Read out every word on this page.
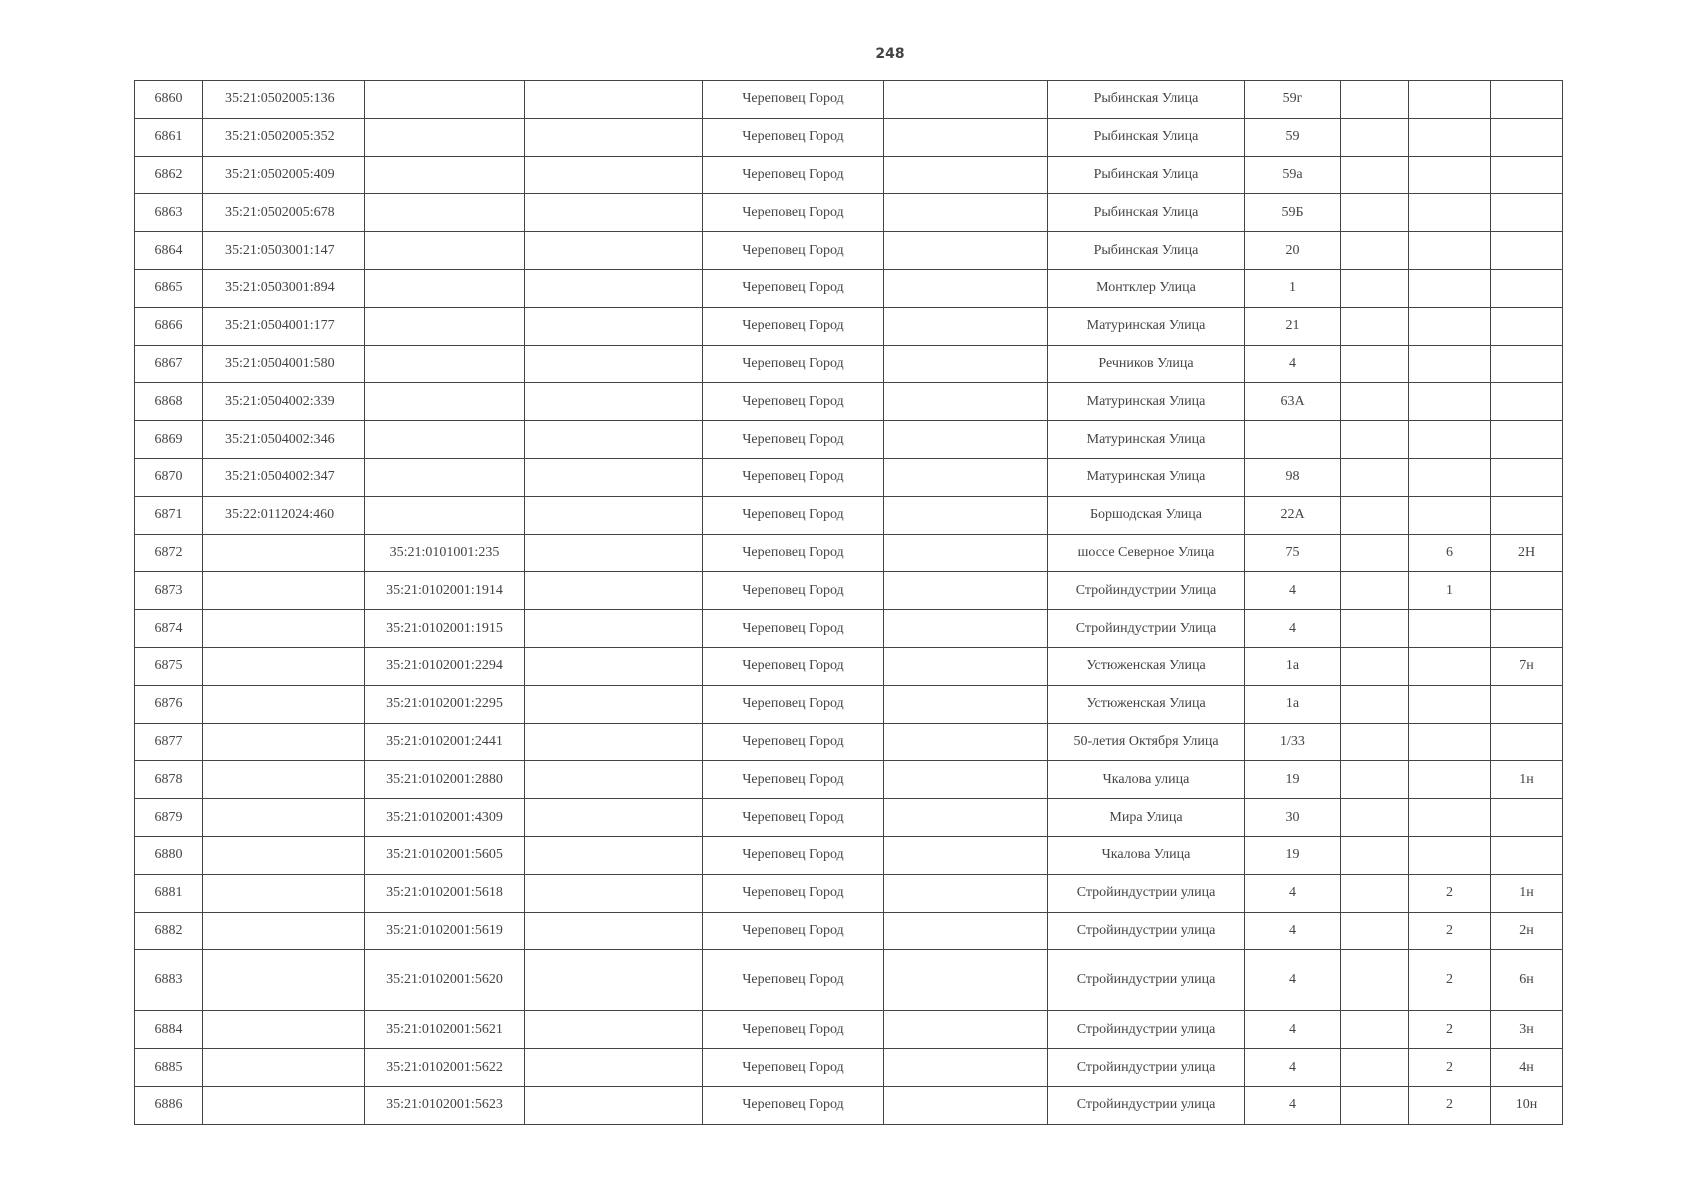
248
6860	35:21:0502005:136			Череповец Город		Рыбинская Улица	59г			
6861	35:21:0502005:352			Череповец Город		Рыбинская Улица	59			
6862	35:21:0502005:409			Череповец Город		Рыбинская Улица	59а			
6863	35:21:0502005:678			Череповец Город		Рыбинская Улица	59Б			
6864	35:21:0503001:147			Череповец Город		Рыбинская Улица	20			
6865	35:21:0503001:894			Череповец Город		Монтклер Улица	1			
6866	35:21:0504001:177			Череповец Город		Матуринская Улица	21			
6867	35:21:0504001:580			Череповец Город		Речников Улица	4			
6868	35:21:0504002:339			Череповец Город		Матуринская Улица	63А			
6869	35:21:0504002:346			Череповец Город		Матуринская Улица				
6870	35:21:0504002:347			Череповец Город		Матуринская Улица	98			
6871	35:22:0112024:460			Череповец Город		Боршодская Улица	22А			
6872		35:21:0101001:235		Череповец Город		шоссе Северное Улица	75		6	2Н
6873		35:21:0102001:1914		Череповец Город		Стройиндустрии Улица	4		1	
6874		35:21:0102001:1915		Череповец Город		Стройиндустрии Улица	4			
6875		35:21:0102001:2294		Череповец Город		Устюженская Улица	1а			7н
6876		35:21:0102001:2295		Череповец Город		Устюженская Улица	1а			
6877		35:21:0102001:2441		Череповец Город		50-летия Октября Улица	1/33			
6878		35:21:0102001:2880		Череповец Город		Чкалова улица	19			1н
6879		35:21:0102001:4309		Череповец Город		Мира Улица	30			
6880		35:21:0102001:5605		Череповец Город		Чкалова Улица	19			
6881		35:21:0102001:5618		Череповец Город		Стройиндустрии улица	4		2	1н
6882		35:21:0102001:5619		Череповец Город		Стройиндустрии улица	4		2	2н
6883		35:21:0102001:5620		Череповец Город		Стройиндустрии улица	4		2	6н
6884		35:21:0102001:5621		Череповец Город		Стройиндустрии улица	4		2	3н
6885		35:21:0102001:5622		Череповец Город		Стройиндустрии улица	4		2	4н
6886		35:21:0102001:5623		Череповец Город		Стройиндустрии улица	4		2	10н
